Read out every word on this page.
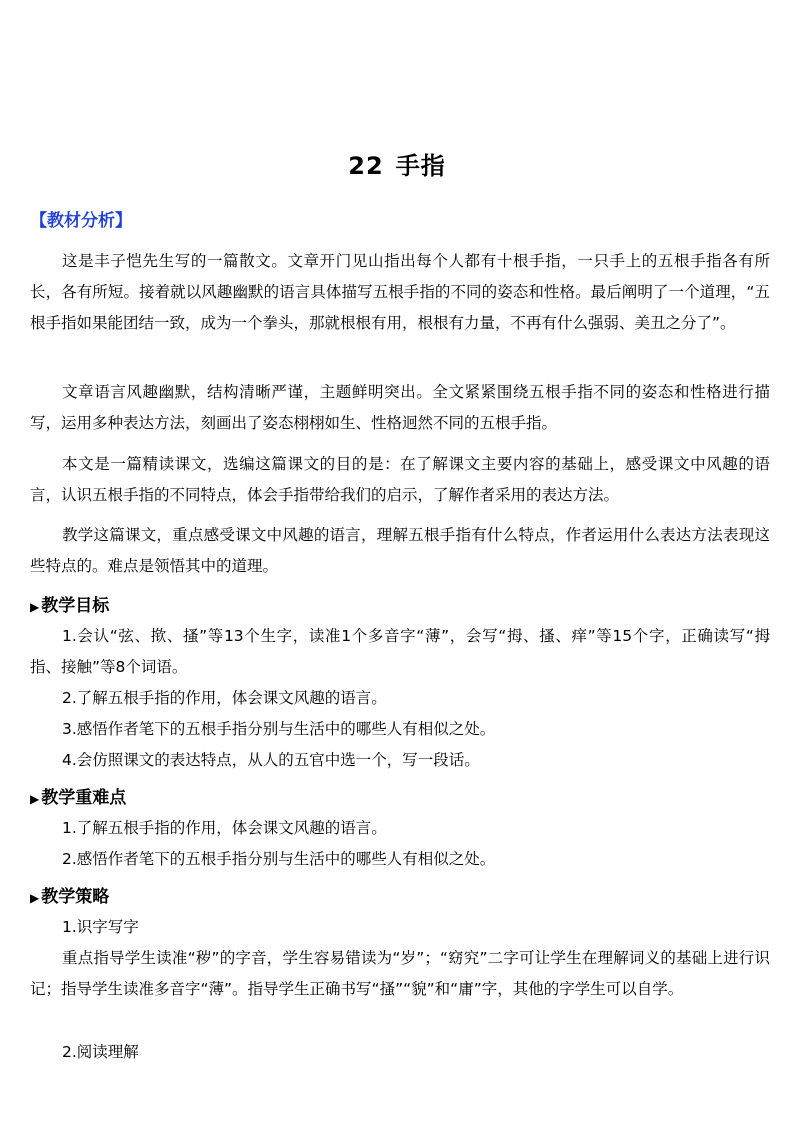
22 手指

【教材分析】

这是丰子恺先生写的一篇散文。文章开门见山指出每个人都有十根手指，一只手上的五根手指各有所长，各有所短。接着就以风趣幽默的语言具体描写五根手指的不同的姿态和性格。最后阐明了一个道理，“五根手指如果能团结一致，成为一个拳头，那就根根有用，根根有力量，不再有什么强弱、美丑之分了”。

文章语言风趣幽默，结构清晰严谨，主题鲜明突出。全文紧紧围绕五根手指不同的姿态和性格进行描写，运用多种表达方法，刻画出了姿态栩栩如生、性格迥然不同的五根手指。

本文是一篇精读课文，选编这篇课文的目的是：在了解课文主要内容的基础上，感受课文中风趣的语言，认识五根手指的不同特点，体会手指带给我们的启示，了解作者采用的表达方法。

教学这篇课文，重点感受课文中风趣的语言，理解五根手指有什么特点，作者运用什么表达方法表现这些特点的。难点是领悟其中的道理。

▶ 教学目标

1.会认“弦、揿、搔”等13个生字，读准1个多音字“薄”，会写“拇、搔、痒”等15个字，正确读写“拇指、接触”等8个词语。

2.了解五根手指的作用，体会课文风趣的语言。

3.感悟作者笔下的五根手指分别与生活中的哪些人有相似之处。

4.会仿照课文的表达特点，从人的五官中选一个，写一段话。

▶ 教学重难点

1.了解五根手指的作用，体会课文风趣的语言。

2.感悟作者笔下的五根手指分别与生活中的哪些人有相似之处。

▶ 教学策略

1.识字写字

重点指导学生读准“秽”的字音，学生容易错读为“岁”；“窈究”二字可让学生在理解词义的基础上进行识记；指导学生读准多音字“薄”。指导学生正确书写“搔”“貌”和“庸”字，其他的字学生可以自学。

2.阅读理解
